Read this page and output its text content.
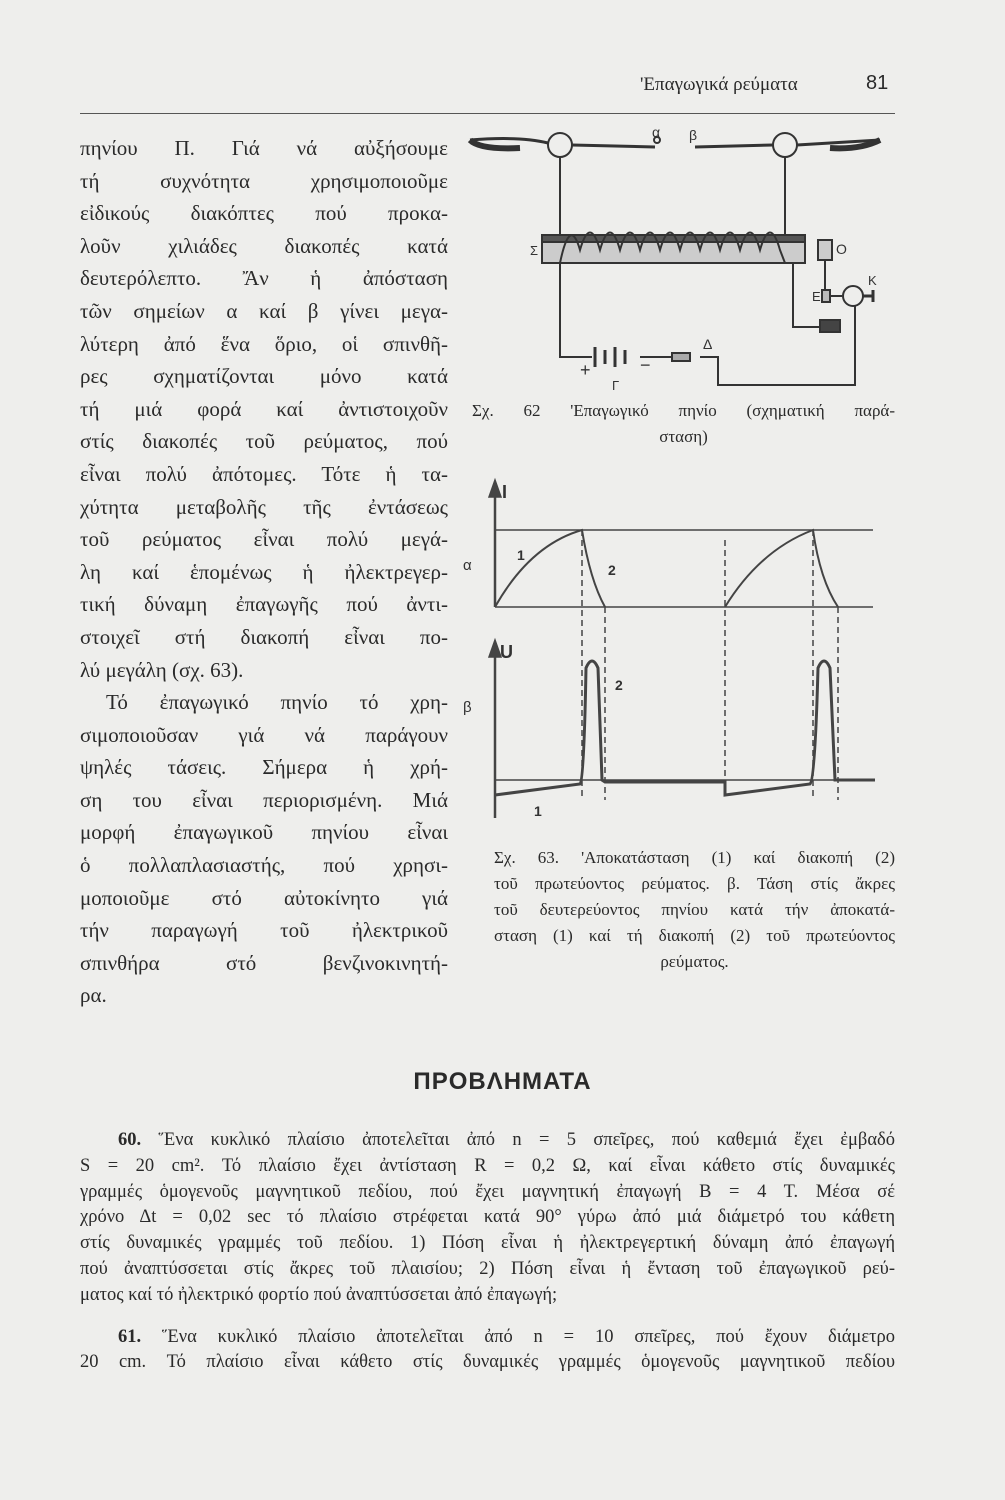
'Επαγωγικά ρεύματα	81
πηνίου Π. Γιά νά αὐξήσουμε
τή συχνότητα χρησιμοποιοῦμε
εἰδικούς διακόπτες πού προκα-
λοῦν χιλιάδες διακοπές κατά
δευτερόλεπτο. Ἄν ἡ ἀπόσταση
τῶν σημείων α καί β γίνει μεγα-
λύτερη ἀπό ἕνα ὅριο, οἱ σπινθῆ-
ρες σχηματίζονται μόνο κατά
τή μιά φορά καί ἀντιστοιχοῦν
στίς διακοπές τοῦ ρεύματος, πού
εἶναι πολύ ἀπότομες. Τότε ἡ τα-
χύτητα μεταβολῆς τῆς ἐντάσεως
τοῦ ρεύματος εἶναι πολύ μεγά-
λη καί ἑπομένως ἡ ἠλεκτρεγερ-
τική δύναμη ἐπαγωγῆς πού ἀντι-
στοιχεῖ στή διακοπή εἶναι πο-
λύ μεγάλη (σχ. 63).
Τό ἐπαγωγικό πηνίο τό χρη-
σιμοποιοῦσαν γιά νά παράγουν
ψηλές τάσεις. Σήμερα ἡ χρή-
ση του εἶναι περιορισμένη. Μιά
μορφή ἐπαγωγικοῦ πηνίου εἶναι
ὁ πολλαπλασιαστής, πού χρησι-
μοποιοῦμε στό αὐτοκίνητο γιά
τήν παραγωγή τοῦ ἠλεκτρικοῦ
σπινθήρα στό βενζινοκινητή-
ρα.
α β
Σ	Ο
Ε
Κ
+	−
Γ
Δ
Σχ. 62 'Επαγωγικό πηνίο (σχηματική παρά-
σταση)
I
U
α
β
1
2
2
1
Σχ. 63. 'Αποκατάσταση (1) καί διακοπή (2)
τοῦ πρωτεύοντος ρεύματος. β. Τάση στίς ἄκρες
τοῦ δευτερεύοντος πηνίου κατά τήν ἀποκατά-
σταση (1) καί τή διακοπή (2) τοῦ πρωτεύοντος
ρεύματος.
ΠΡΟΒΛΗΜΑΤΑ
60. Ἕνα κυκλικό πλαίσιο ἀποτελεῖται ἀπό n = 5 σπεῖρες, πού καθεμιά ἔχει ἐμβαδό
S = 20 cm². Τό πλαίσιο ἔχει ἀντίσταση R = 0,2 Ω, καί εἶναι κάθετο στίς δυναμικές
γραμμές ὁμογενοῦς μαγνητικοῦ πεδίου, πού ἔχει μαγνητική ἐπαγωγή B = 4 T. Μέσα σέ
χρόνο Δt = 0,02 sec τό πλαίσιο στρέφεται κατά 90° γύρω ἀπό μιά διάμετρό του κάθετη
στίς δυναμικές γραμμές τοῦ πεδίου. 1) Πόση εἶναι ἡ ἠλεκτρεγερτική δύναμη ἀπό ἐπαγωγή
πού ἀναπτύσσεται στίς ἄκρες τοῦ πλαισίου; 2) Πόση εἶναι ἡ ἔνταση τοῦ ἐπαγωγικοῦ ρεύ-
ματος καί τό ἠλεκτρικό φορτίο πού ἀναπτύσσεται ἀπό ἐπαγωγή;
61. Ἕνα κυκλικό πλαίσιο ἀποτελεῖται ἀπό n = 10 σπεῖρες, πού ἔχουν διάμετρο
20 cm. Τό πλαίσιο εἶναι κάθετο στίς δυναμικές γραμμές ὁμογενοῦς μαγνητικοῦ πεδίου
